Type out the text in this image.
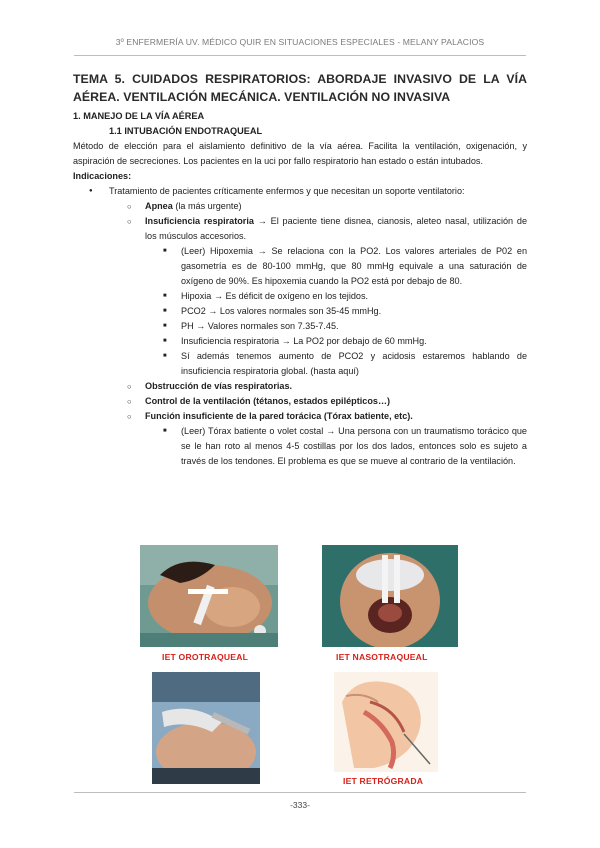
3º ENFERMERÍA UV. MÉDICO QUIR EN SITUACIONES ESPECIALES - MELANY PALACIOS
TEMA 5. CUIDADOS RESPIRATORIOS: ABORDAJE INVASIVO DE LA VÍA AÉREA. VENTILACIÓN MECÁNICA. VENTILACIÓN NO INVASIVA
1. MANEJO DE LA VÍA AÉREA
1.1 INTUBACIÓN ENDOTRAQUEAL

Método de elección para el aislamiento definitivo de la vía aérea. Facilita la ventilación, oxigenación, y aspiración de secreciones. Los pacientes en la uci por fallo respiratorio han estado o están intubados.

Indicaciones:
● Tratamiento de pacientes críticamente enfermos y que necesitan un soporte ventilatorio:
○ Apnea (la más urgente)
○ Insuficiencia respiratoria → El paciente tiene disnea, cianosis, aleteo nasal, utilización de los músculos accesorios.
■ (Leer) Hipoxemia → Se relaciona con la PO2. Los valores arteriales de P02 en gasometría es de 80-100 mmHg, que 80 mmHg equivale a una saturación de oxígeno de 90%. Es hipoxemia cuando la PO2 está por debajo de 80.
■ Hipoxia → Es déficit de oxígeno en los tejidos.
■ PCO2 → Los valores normales son 35-45 mmHg.
■ PH → Valores normales son 7.35-7.45.
■ Insuficiencia respiratoria → La PO2 por debajo de 60 mmHg.
■ Sí además tenemos aumento de PCO2 y acidosis estaremos hablando de insuficiencia respiratoria global. (hasta aquí)
○ Obstrucción de vías respiratorias.
○ Control de la ventilación (tétanos, estados epilépticos…)
○ Función insuficiente de la pared torácica (Tórax batiente, etc).
■ (Leer) Tórax batiente o volet costal → Una persona con un traumatismo torácico que se le han roto al menos 4-5 costillas por los dos lados, entonces solo es sujeto a través de los tendones. El problema es que se mueve al contrario de la ventilación.
IET OROTRAQUEAL	IET NASOTRAQUEAL
IET RETRÓGRADA
-333-
